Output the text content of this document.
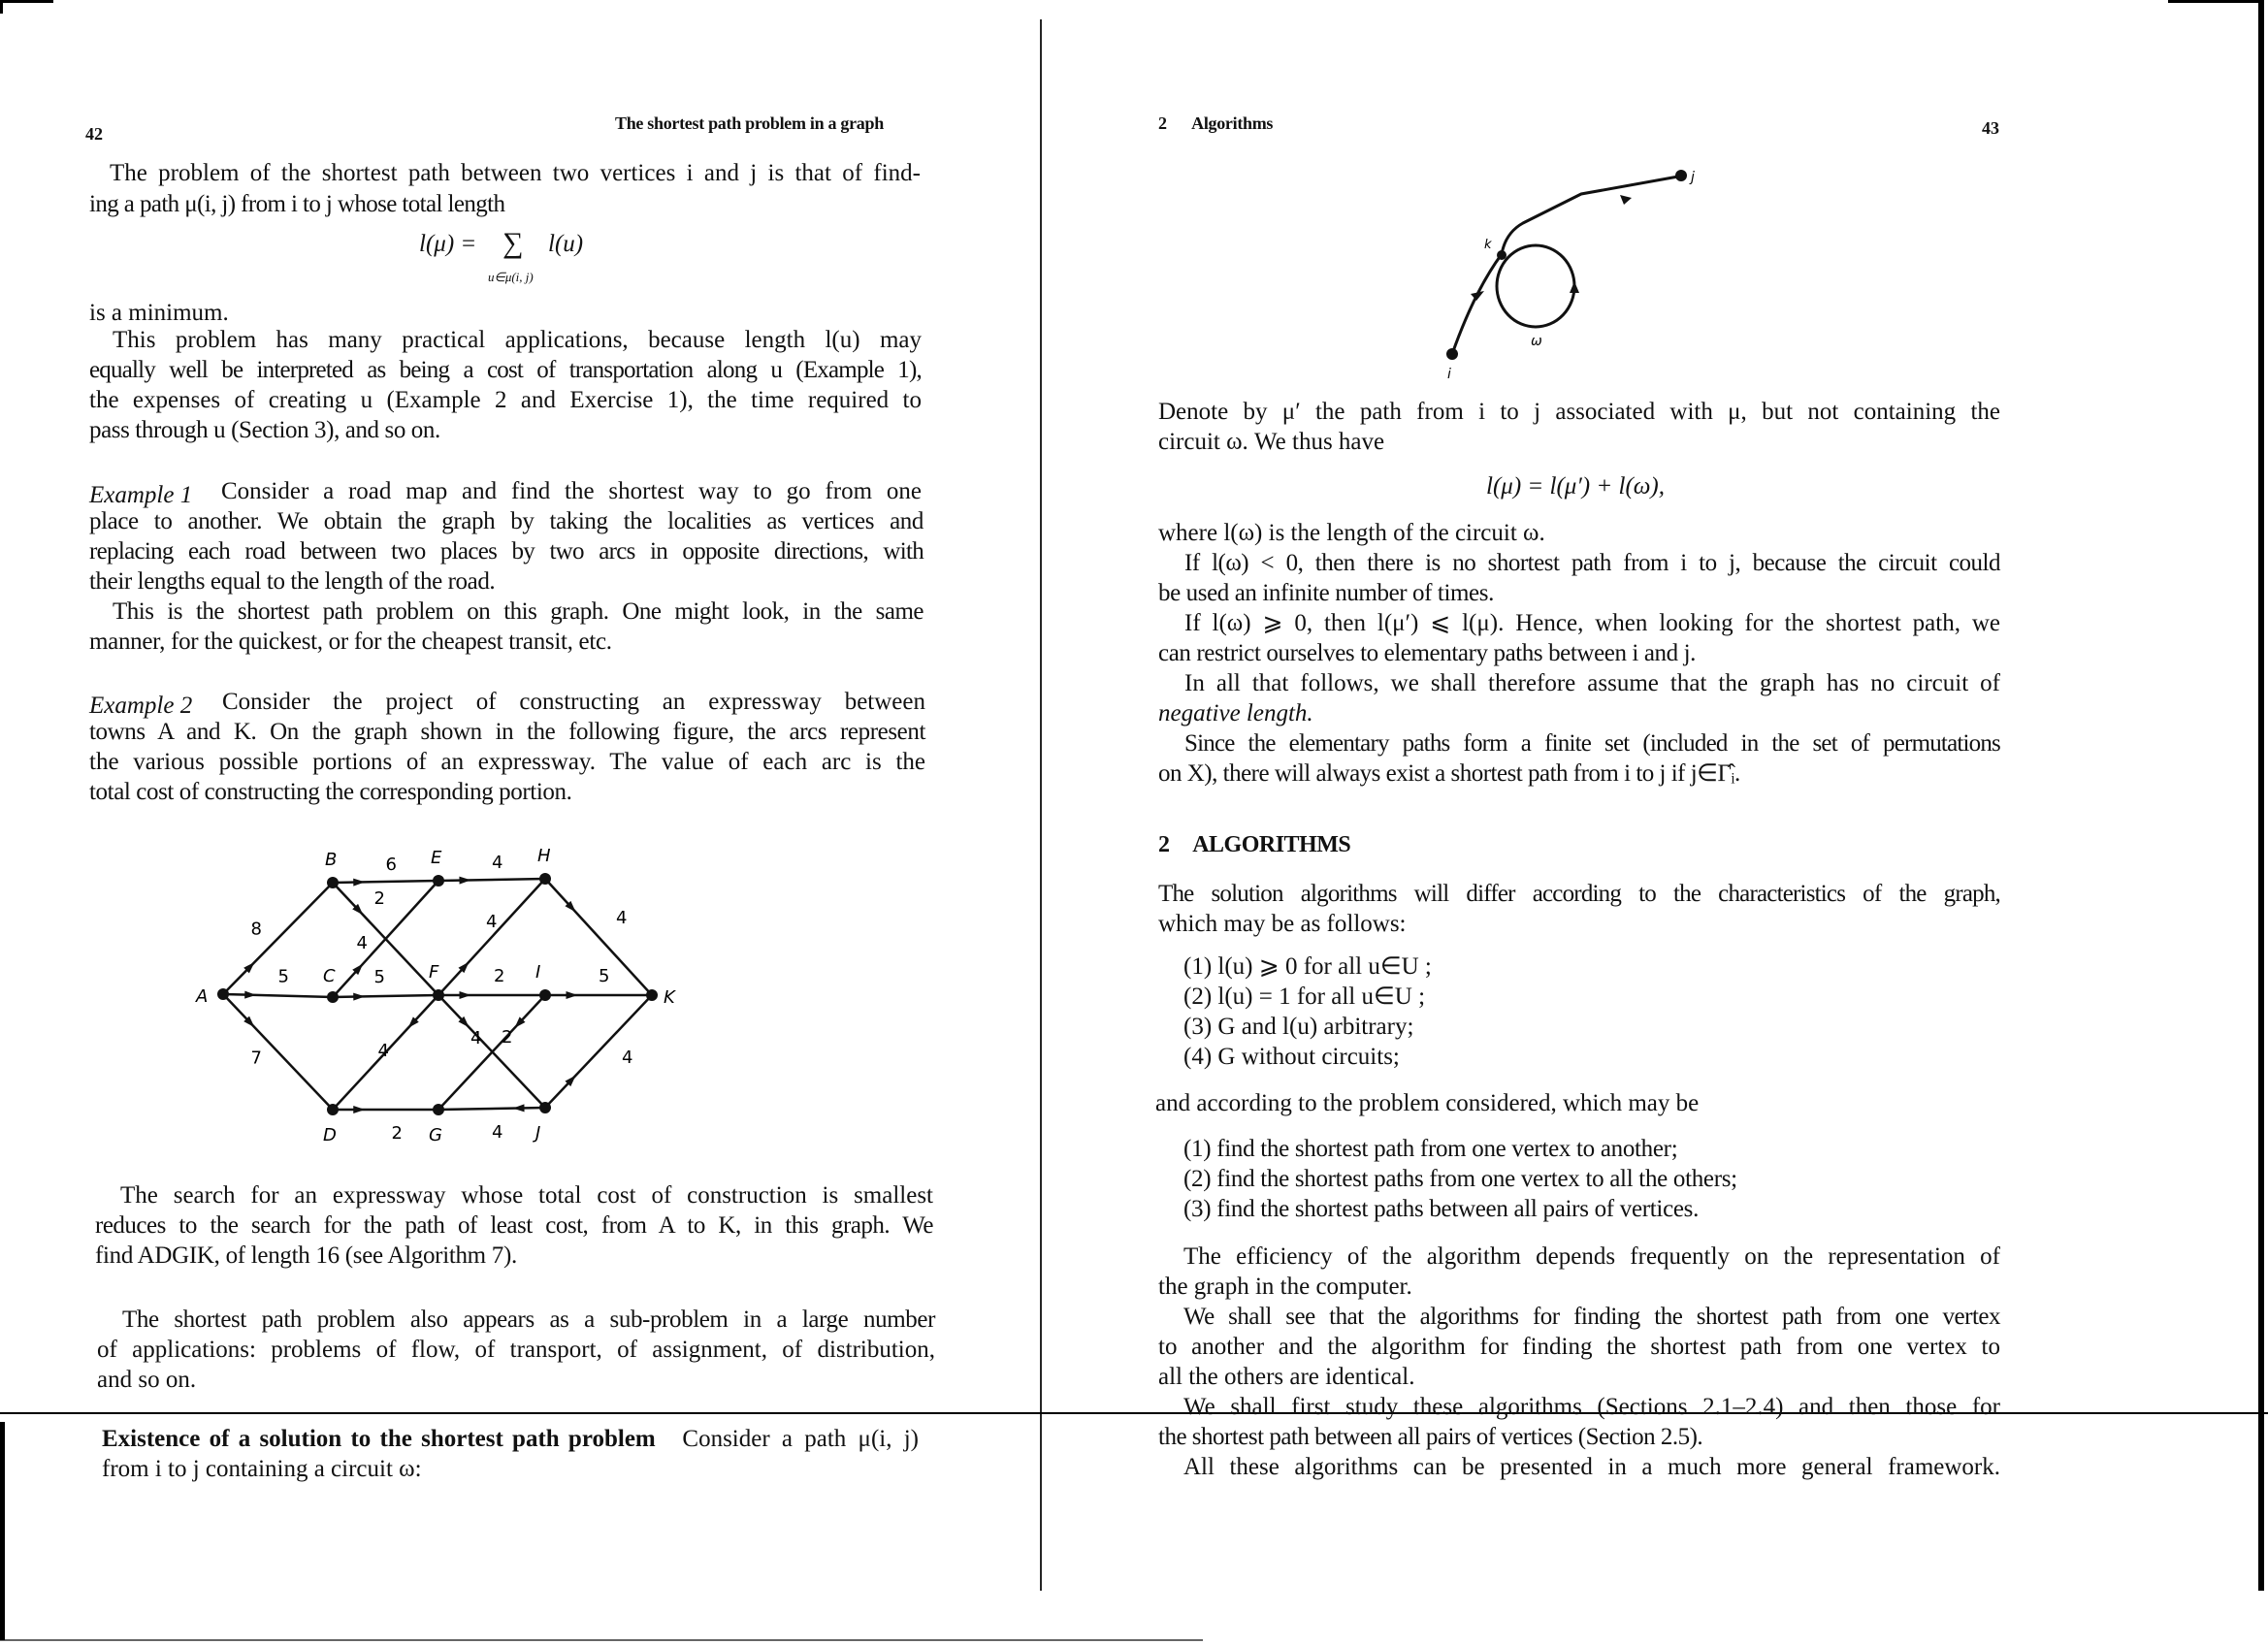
42
The shortest path problem in a graph
The problem of the shortest path between two vertices i and j is that of find-
ing a path μ(i, j) from i to j whose total length
l(μ) = ∑ l(u)
u∈μ(i, j)
is a minimum.
This problem has many practical applications, because length l(u) may
equally well be interpreted as being a cost of transportation along u (Example 1),
the expenses of creating u (Example 2 and Exercise 1), the time required to
pass through u (Section 3), and so on.
Example 1 Consider a road map and find the shortest way to go from one
place to another. We obtain the graph by taking the localities as vertices and
replacing each road between two places by two arcs in opposite directions, with
their lengths equal to the length of the road.
This is the shortest path problem on this graph. One might look, in the same
manner, for the quickest, or for the cheapest transit, etc.
Example 2 Consider the project of constructing an expressway between
towns A and K. On the graph shown in the following figure, the arcs represent
the various possible portions of an expressway. The value of each arc is the
total cost of constructing the corresponding portion.
8
5
7
6
2
4
5
4
4
2
4
4
4
5
2
2	4
4
A
B
C
D
E
F
G
H
I
J
K
The search for an expressway whose total cost of construction is smallest
reduces to the search for the path of least cost, from A to K, in this graph. We
find ADGIK, of length 16 (see Algorithm 7).
The shortest path problem also appears as a sub-problem in a large number
of applications: problems of flow, of transport, of assignment, of distribution,
and so on.
Existence of a solution to the shortest path problem Consider a path μ(i, j)
from i to j containing a circuit ω:
2 Algorithms	43
i
k
j
ω
Denote by μ′ the path from i to j associated with μ, but not containing the
circuit ω. We thus have
l(μ) = l(μ′) + l(ω),
where l(ω) is the length of the circuit ω.
If l(ω) < 0, then there is no shortest path from i to j, because the circuit could
be used an infinite number of times.
If l(ω) ⩾ 0, then l(μ′) ⩽ l(μ). Hence, when looking for the shortest path, we
can restrict ourselves to elementary paths between i and j.
In all that follows, we shall therefore assume that the graph has no circuit of
negative length.
Since the elementary paths form a finite set (included in the set of permutations
on X), there will always exist a shortest path from i to j if j∈Γ̂ᵢ.
2 ALGORITHMS
The solution algorithms will differ according to the characteristics of the graph,
which may be as follows:
(1) l(u) ⩾ 0 for all u∈U ;
(2) l(u) = 1 for all u∈U ;
(3) G and l(u) arbitrary;
(4) G without circuits;
and according to the problem considered, which may be
(1) find the shortest path from one vertex to another;
(2) find the shortest paths from one vertex to all the others;
(3) find the shortest paths between all pairs of vertices.
The efficiency of the algorithm depends frequently on the representation of
the graph in the computer.
We shall see that the algorithms for finding the shortest path from one vertex
to another and the algorithm for finding the shortest path from one vertex to
all the others are identical.
We shall first study these algorithms (Sections 2.1–2.4) and then those for
the shortest path between all pairs of vertices (Section 2.5).
All these algorithms can be presented in a much more general framework.
